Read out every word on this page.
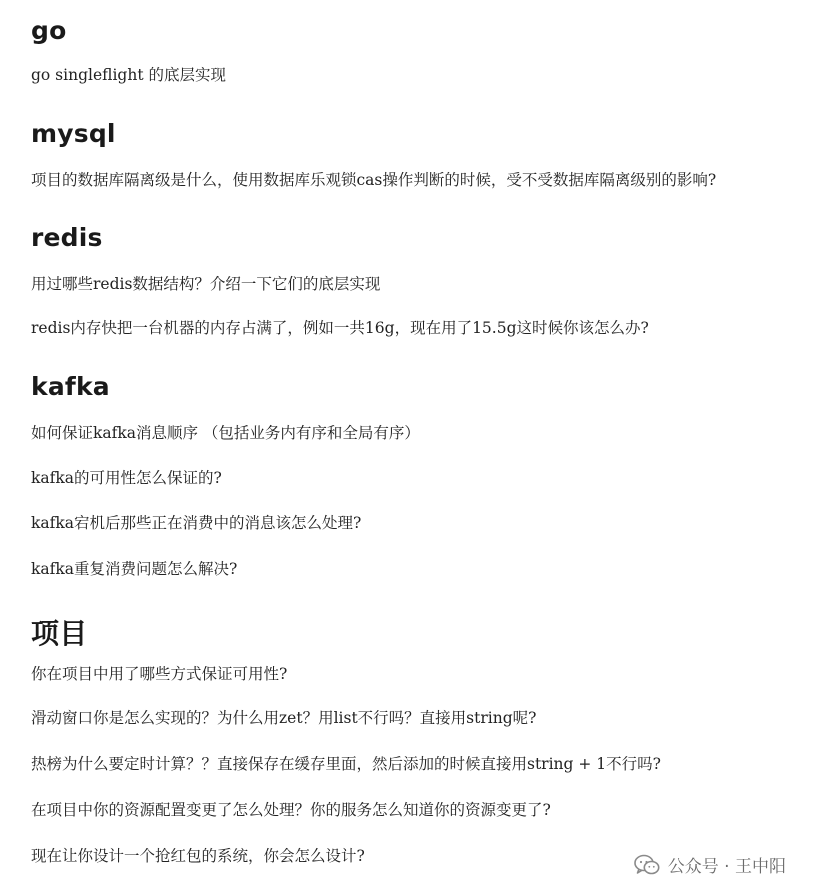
go

go singleflight 的底层实现

mysql

项目的数据库隔离级是什么，使用数据库乐观锁cas操作判断的时候，受不受数据库隔离级别的影响?

redis

用过哪些redis数据结构？介绍一下它们的底层实现

redis内存快把一台机器的内存占满了，例如一共16g，现在用了15.5g这时候你该怎么办?

kafka

如何保证kafka消息顺序 （包括业务内有序和全局有序）

kafka的可用性怎么保证的?

kafka宕机后那些正在消费中的消息该怎么处理?

kafka重复消费问题怎么解决?

项目

你在项目中用了哪些方式保证可用性?

滑动窗口你是怎么实现的？为什么用zet？用list不行吗？直接用string呢?

热榜为什么要定时计算？？直接保存在缓存里面，然后添加的时候直接用string + 1不行吗?

在项目中你的资源配置变更了怎么处理？你的服务怎么知道你的资源变更了?

现在让你设计一个抢红包的系统，你会怎么设计?

公众号 · 王中阳
